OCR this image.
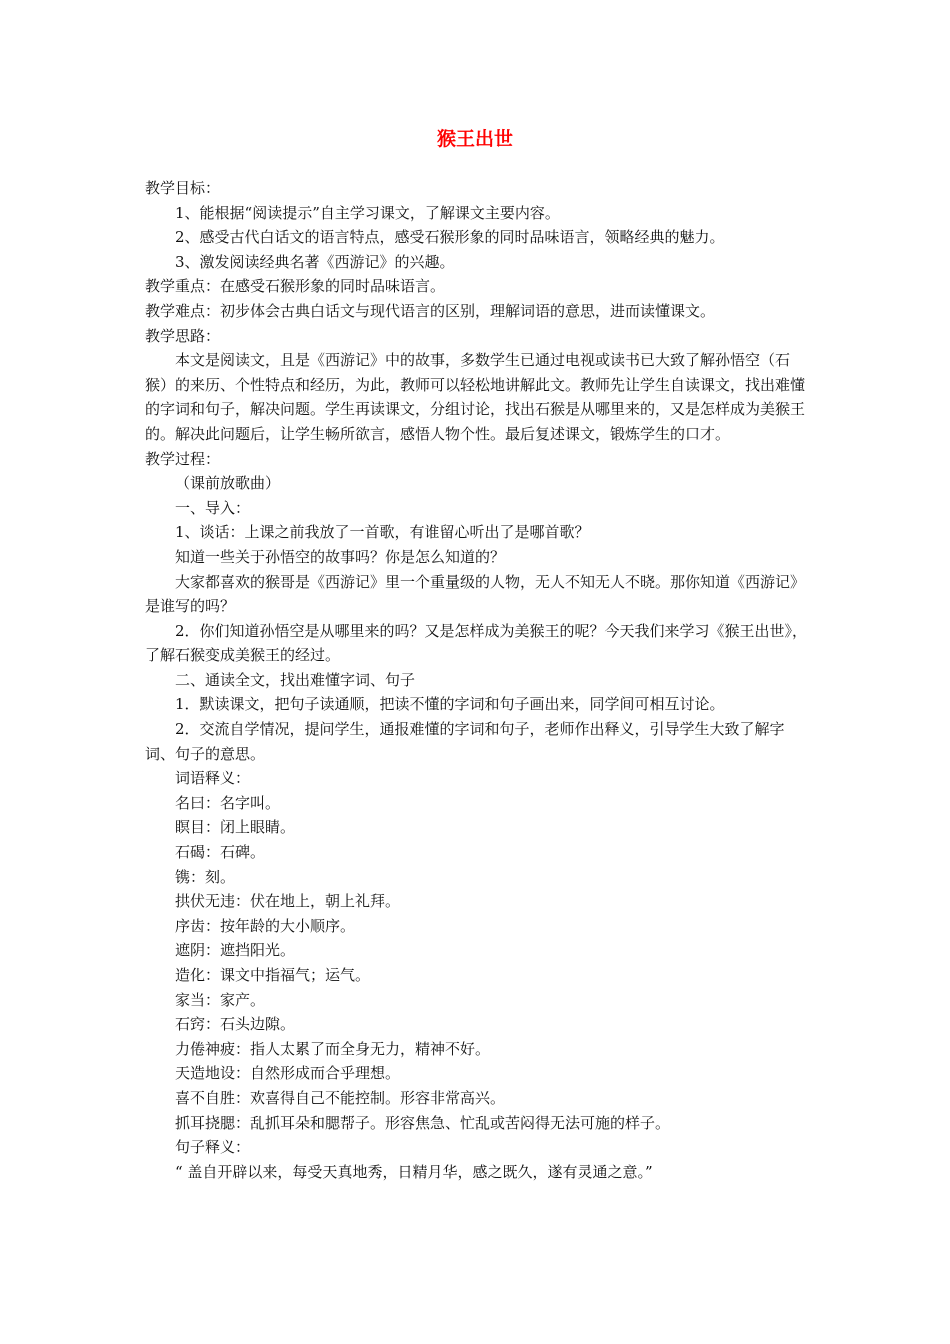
猴王出世

教学目标：

1、能根据“阅读提示”自主学习课文，了解课文主要内容。

2、感受古代白话文的语言特点，感受石猴形象的同时品味语言，领略经典的魅力。

3、激发阅读经典名著《西游记》的兴趣。

教学重点：在感受石猴形象的同时品味语言。

教学难点：初步体会古典白话文与现代语言的区别，理解词语的意思，进而读懂课文。

教学思路：

本文是阅读文，且是《西游记》中的故事，多数学生已通过电视或读书已大致了解孙悟空（石猴）的来历、个性特点和经历，为此，教师可以轻松地讲解此文。教师先让学生自读课文，找出难懂的字词和句子，解决问题。学生再读课文，分组讨论，找出石猴是从哪里来的，又是怎样成为美猴王的。解决此问题后，让学生畅所欲言，感悟人物个性。最后复述课文，锻炼学生的口才。

教学过程：

（课前放歌曲）

一、导入：

1、谈话：上课之前我放了一首歌，有谁留心听出了是哪首歌？

知道一些关于孙悟空的故事吗？你是怎么知道的？

大家都喜欢的猴哥是《西游记》里一个重量级的人物，无人不知无人不晓。那你知道《西游记》是谁写的吗？

2．你们知道孙悟空是从哪里来的吗？又是怎样成为美猴王的呢？今天我们来学习《猴王出世》，了解石猴变成美猴王的经过。

二、通读全文，找出难懂字词、句子

1．默读课文，把句子读通顺，把读不懂的字词和句子画出来，同学间可相互讨论。

2．交流自学情况，提问学生，通报难懂的字词和句子，老师作出释义，引导学生大致了解字词、句子的意思。

词语释义：

名曰：名字叫。

瞑目：闭上眼睛。

石碣：石碑。

镌：刻。

拱伏无违：伏在地上，朝上礼拜。

序齿：按年龄的大小顺序。

遮阴：遮挡阳光。

造化：课文中指福气；运气。

家当：家产。

石窍：石头边隙。

力倦神疲：指人太累了而全身无力，精神不好。

天造地设：自然形成而合乎理想。

喜不自胜：欢喜得自己不能控制。形容非常高兴。

抓耳挠腮：乱抓耳朵和腮帮子。形容焦急、忙乱或苦闷得无法可施的样子。

句子释义：

“ 盖自开辟以来，每受天真地秀，日精月华，感之既久，遂有灵通之意。”
